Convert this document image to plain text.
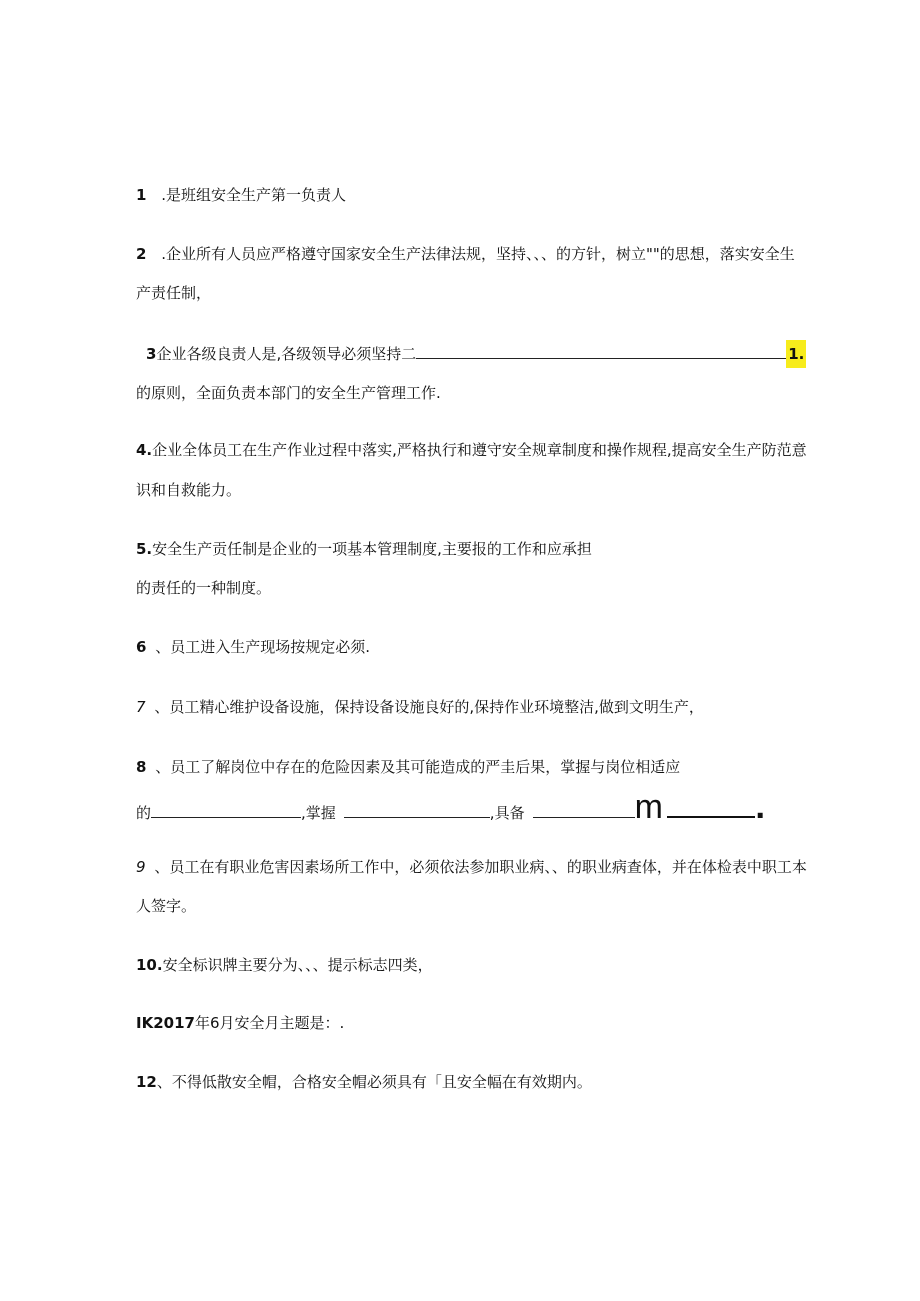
1 .是班组安全生产第一负责人
2 .企业所有人员应严格遵守国家安全生产法律法规，坚持、、、的方针，树立""的思想，落实安全生
产责任制，
3企业各级良责人是,各级领导必须坚持二	1.
的原则，全面负责本部门的安全生产管理工作.
4.企业全体员工在生产作业过程中落实,严格执行和遵守安全规章制度和操作规程,提高安全生产防范意
识和自救能力。
5.安全生产贡任制是企业的一项基本管理制度,主要报的工作和应承担
的责任的一种制度。
6 、员工进入生产现场按规定必须.
7 、员工精心维护设备设施，保持设备设施良好的,保持作业环境整洁,做到文明生产，
8 、员工了解岗位中存在的危险因素及其可能造成的严圭后果，掌握与岗位相适应
的	,掌握	,具备	m	.
9 、员工在有职业危害因素场所工作中，必须依法参加职业病、、的职业病查体，并在体检表中职工本
人签字。
10.安全标识牌主要分为、、、提示标志四类，
IK2017年6月安全月主题是：.
12、不得低散安全帽，合格安全帽必须具有「且安全幅在有效期内。
